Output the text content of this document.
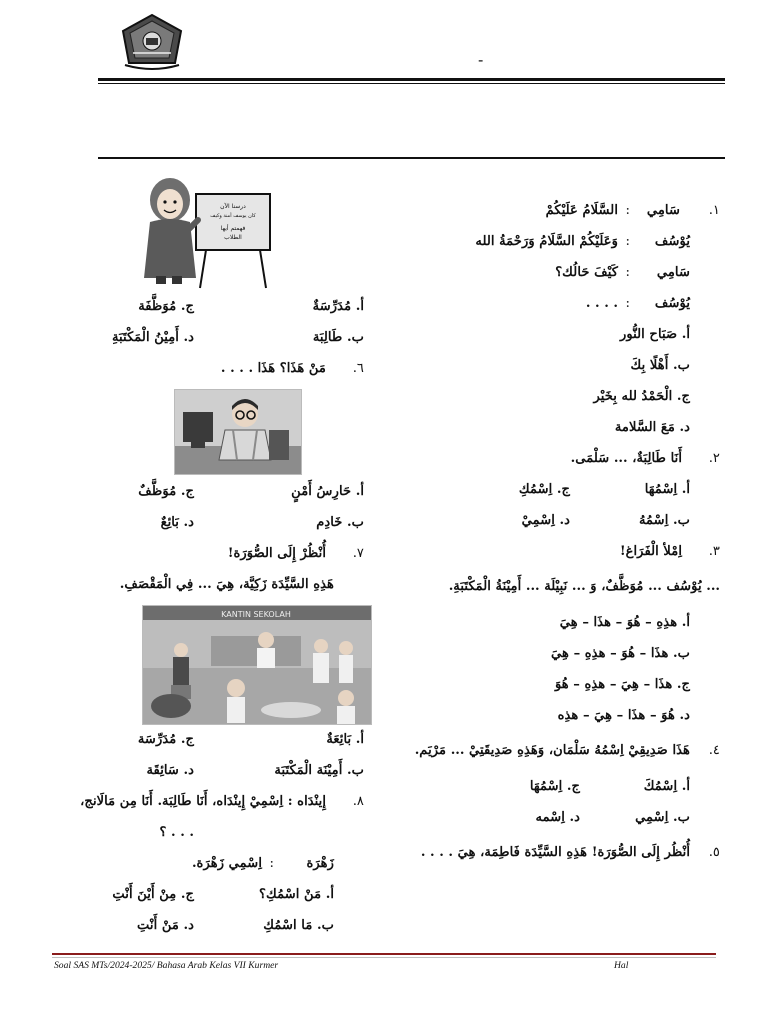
-
١.
سَامِي
:
السَّلَامُ عَلَيْكُمْ
يُوْسُف
:
وَعَلَيْكُمْ السَّلَامُ وَرَحْمَةُ الله
سَامِي
:
كَيْفَ حَالُك؟
يُوْسُف
:
. . . .
أ. صَبَاح النُّور
ب. أَهْلًا بِكَ
ج. الْحَمْدُ لله بِخَيْر
د. مَعَ السَّلامة
٢.
أَنَا طَالِبَةٌ، ... سَلْمَى.
أ. اِسْمُهَا
ج. اِسْمُكِ
ب. اِسْمُهُ
د. اِسْمِيْ
٣.
اِمْلأ الْفَرَاغ!
... يُوْسُف ... مُوَظَّفٌ، وَ ... نَبِيْلَة ... أَمِيْنَةُ الْمَكْتَبَةِ.
أ. هذِهِ – هُوَ – هذَا – هِيَ
ب. هذَا – هُوَ – هذِهِ – هِيَ
ج. هذَا – هِيَ – هذِهِ – هُوَ
د. هُوَ – هذَا – هِيَ – هذِه
٤.
هَذَا صَدِيقِيْ اِسْمُهُ سَلْمَان، وَهَذِهِ صَدِيقَتِيْ ... مَرْيَم.
أ. اِسْمُكَ
ج. اِسْمُهَا
ب. اِسْمِي
د. اِسْمه
٥.
أُنْظُر إِلَى الصُّوَرَة! هَذِهِ السَّيِّدَة فَاطِمَة، هِيَ . . . .
درسنا الآن
كان يوسف أمنة وكيف
فهمتم أيها
الطلاب
أ. مُدَرِّسَةٌ
ج. مُوَظَّفَة
ب. طَالِبَة
د. أَمِيْنُ الْمَكْتَبَةِ
٦.
مَنْ هَذَا؟ هَذَا . . . .
أ. حَارِسُ أَمْنٍ
ج. مُوَظَّفٌ
ب. خَادِم
د. بَائِعٌ
٧.
أُنْظُرْ إِلَى الصُّوَرَة!
هَذِهِ السَّيِّدَة زَكِيَّة، هِيَ ... فِي الْمَقْصَفِ.
KANTIN SEKOLAH
أ. بَائِعَةٌ
ج. مُدَرِّسَة
ب. أَمِيْنَة الْمَكْتَبَة
د. سَائِقَة
٨.
إِينْدَاه : اِسْمِيْ إِينْدَاه، أَنَا طَالِبَة. أَنَا مِن مَالَانج،
. . . ؟
زَهْرَة
:
اِسْمِي زَهْرَة.
أ. مَنْ اسْمُكِ؟
ج. مِنْ أَيْنَ أَنْتِ
ب. مَا اسْمُكِ
د. مَنْ أَنْتِ
Soal SAS MTs/2024-2025/ Bahasa Arab Kelas VII Kurmer	Hal
